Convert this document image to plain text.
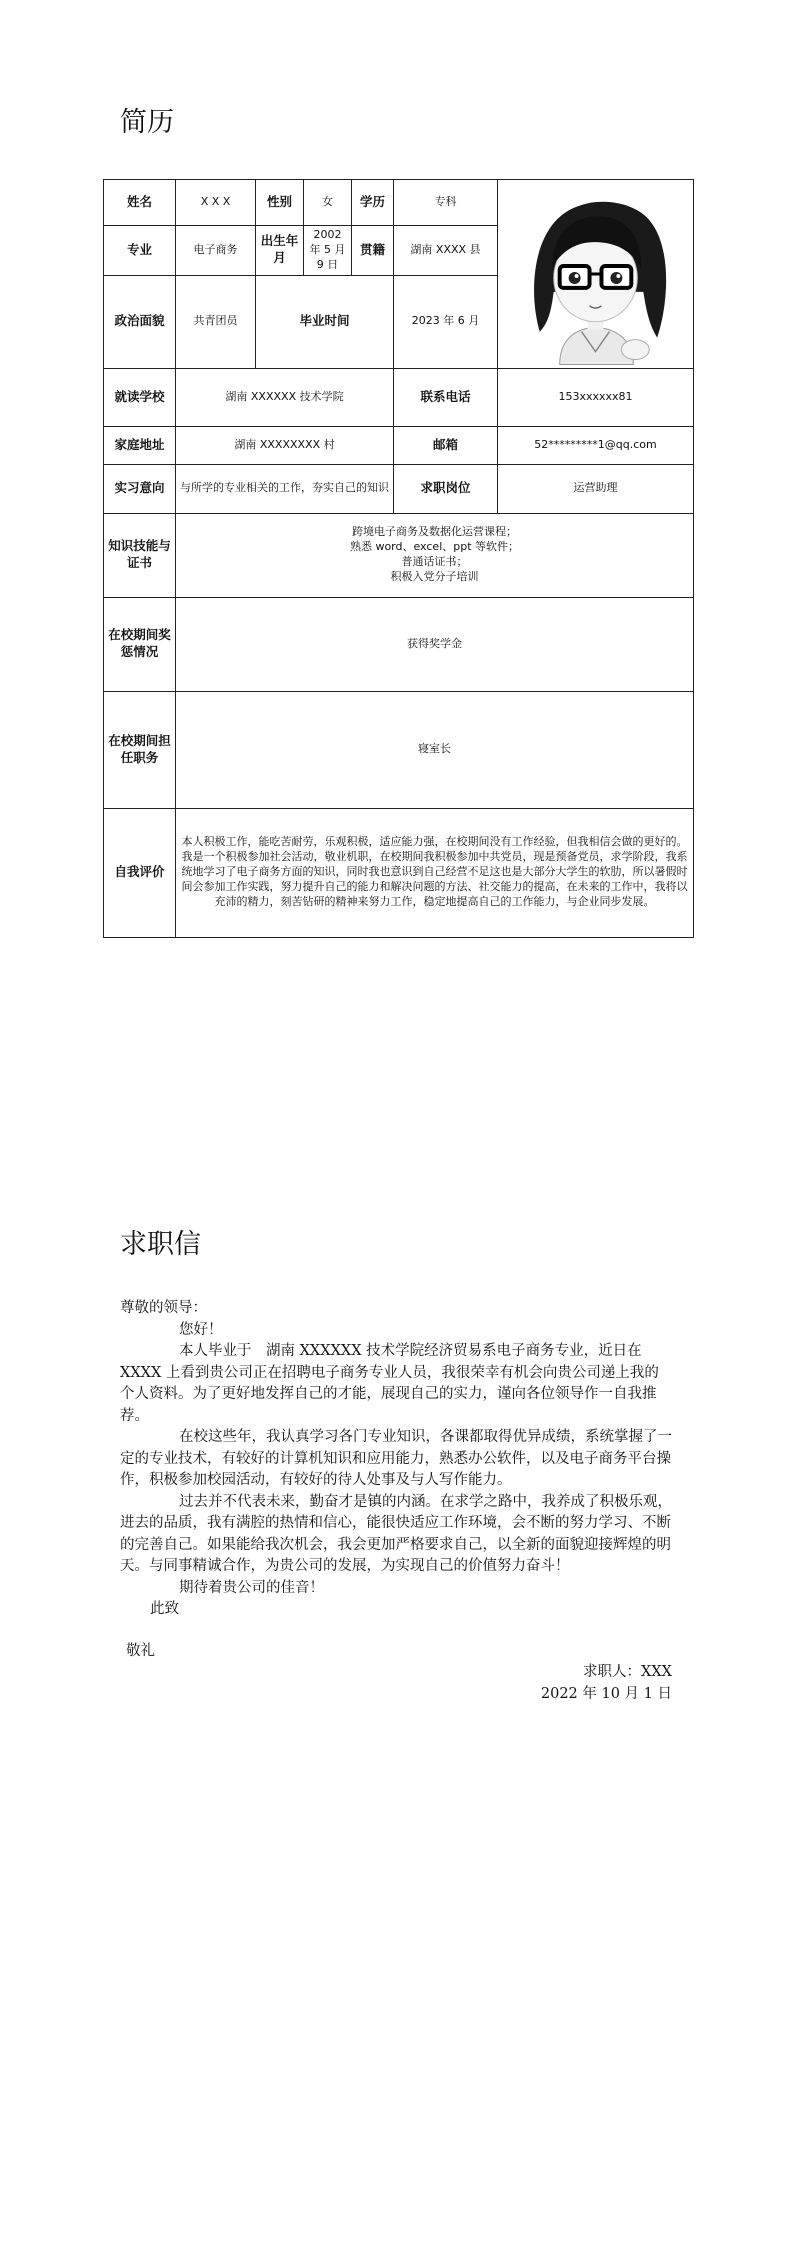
简历
姓名	X X X	性别	女	学历	专科	

专业	电子商务	出生年月	2002 年 5 月 9 日	贯籍	湖南 XXXX 县	
政治面貌	共青团员	毕业时间			2023 年 6 月	
就读学校	湖南 XXXXXX 技术学院				联系电话	153xxxxxx81
家庭地址	湖南 XXXXXXXX 村				邮箱	52*********1@qq.com
实习意向	与所学的专业相关的工作，夯实自己的知识				求职岗位	运营助理
知识技能与证书	跨境电子商务及数据化运营课程；
熟悉 word、excel、ppt 等软件；
普通话证书；
积极入党分子培训					

在校期间奖惩情况	获得奖学金					
在校期间担任职务	寝室长					
自我评价	本人积极工作，能吃苦耐劳，乐观积极，适应能力强，在校期间没有工作经验，但我相信会做的更好的。我是一个积极参加社会活动，敬业机职，在校期间我积极参加中共党员，现是预备党员，求学阶段，我系统地学习了电子商务方面的知识，同时我也意识到自己经营不足这也是大部分大学生的软肋，所以暑假时间会参加工作实践，努力提升自己的能力和解决问题的方法、社交能力的提高，在未来的工作中，我将以充沛的精力，刻苦钻研的精神来努力工作，稳定地提高自己的工作能力，与企业同步发展。					
求职信

尊敬的领导：

您好！

本人毕业于　湖南 XXXXXX 技术学院经济贸易系电子商务专业，近日在 XXXX 上看到贵公司正在招聘电子商务专业人员，我很荣幸有机会向贵公司递上我的个人资料。为了更好地发挥自己的才能，展现自己的实力，谨向各位领导作一自我推荐。

在校这些年，我认真学习各门专业知识，各课都取得优异成绩，系统掌握了一定的专业技术，有较好的计算机知识和应用能力，熟悉办公软件，以及电子商务平台操作，积极参加校园活动，有较好的待人处事及与人写作能力。

过去并不代表未来，勤奋才是镇的内涵。在求学之路中，我养成了积极乐观，进去的品质，我有满腔的热情和信心，能很快适应工作环境，会不断的努力学习、不断的完善自己。如果能给我次机会，我会更加严格要求自己，以全新的面貌迎接辉煌的明天。与同事精诚合作，为贵公司的发展，为实现自己的价值努力奋斗！

期待着贵公司的佳音！

此致

敬礼

求职人：XXX

2022 年 10 月 1 日
